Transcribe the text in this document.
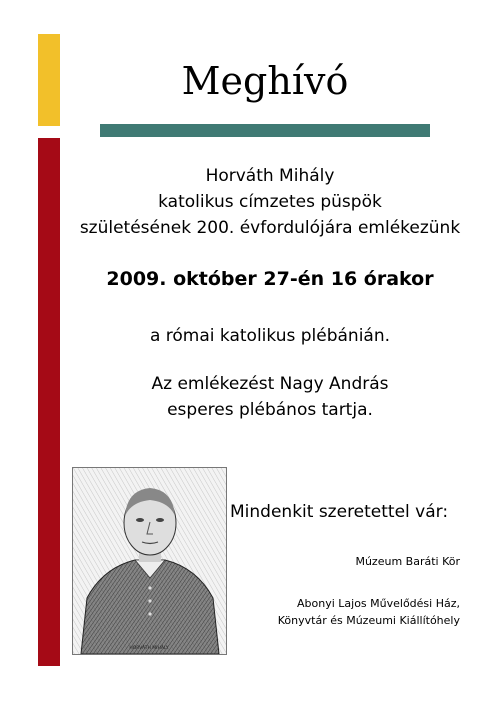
Meghívó
Horváth Mihály
katolikus címzetes püspök
születésének 200. évfordulójára emlékezünk
2009. október 27-én 16 órakor
a római katolikus plébánián.
Az emlékezést Nagy András
esperes plébános tartja.
HORVÁTH MIHÁLY
Mindenkit szeretettel vár:
Múzeum Baráti Kör
Abonyi Lajos Művelődési Ház,
Könyvtár és Múzeumi Kiállítóhely
